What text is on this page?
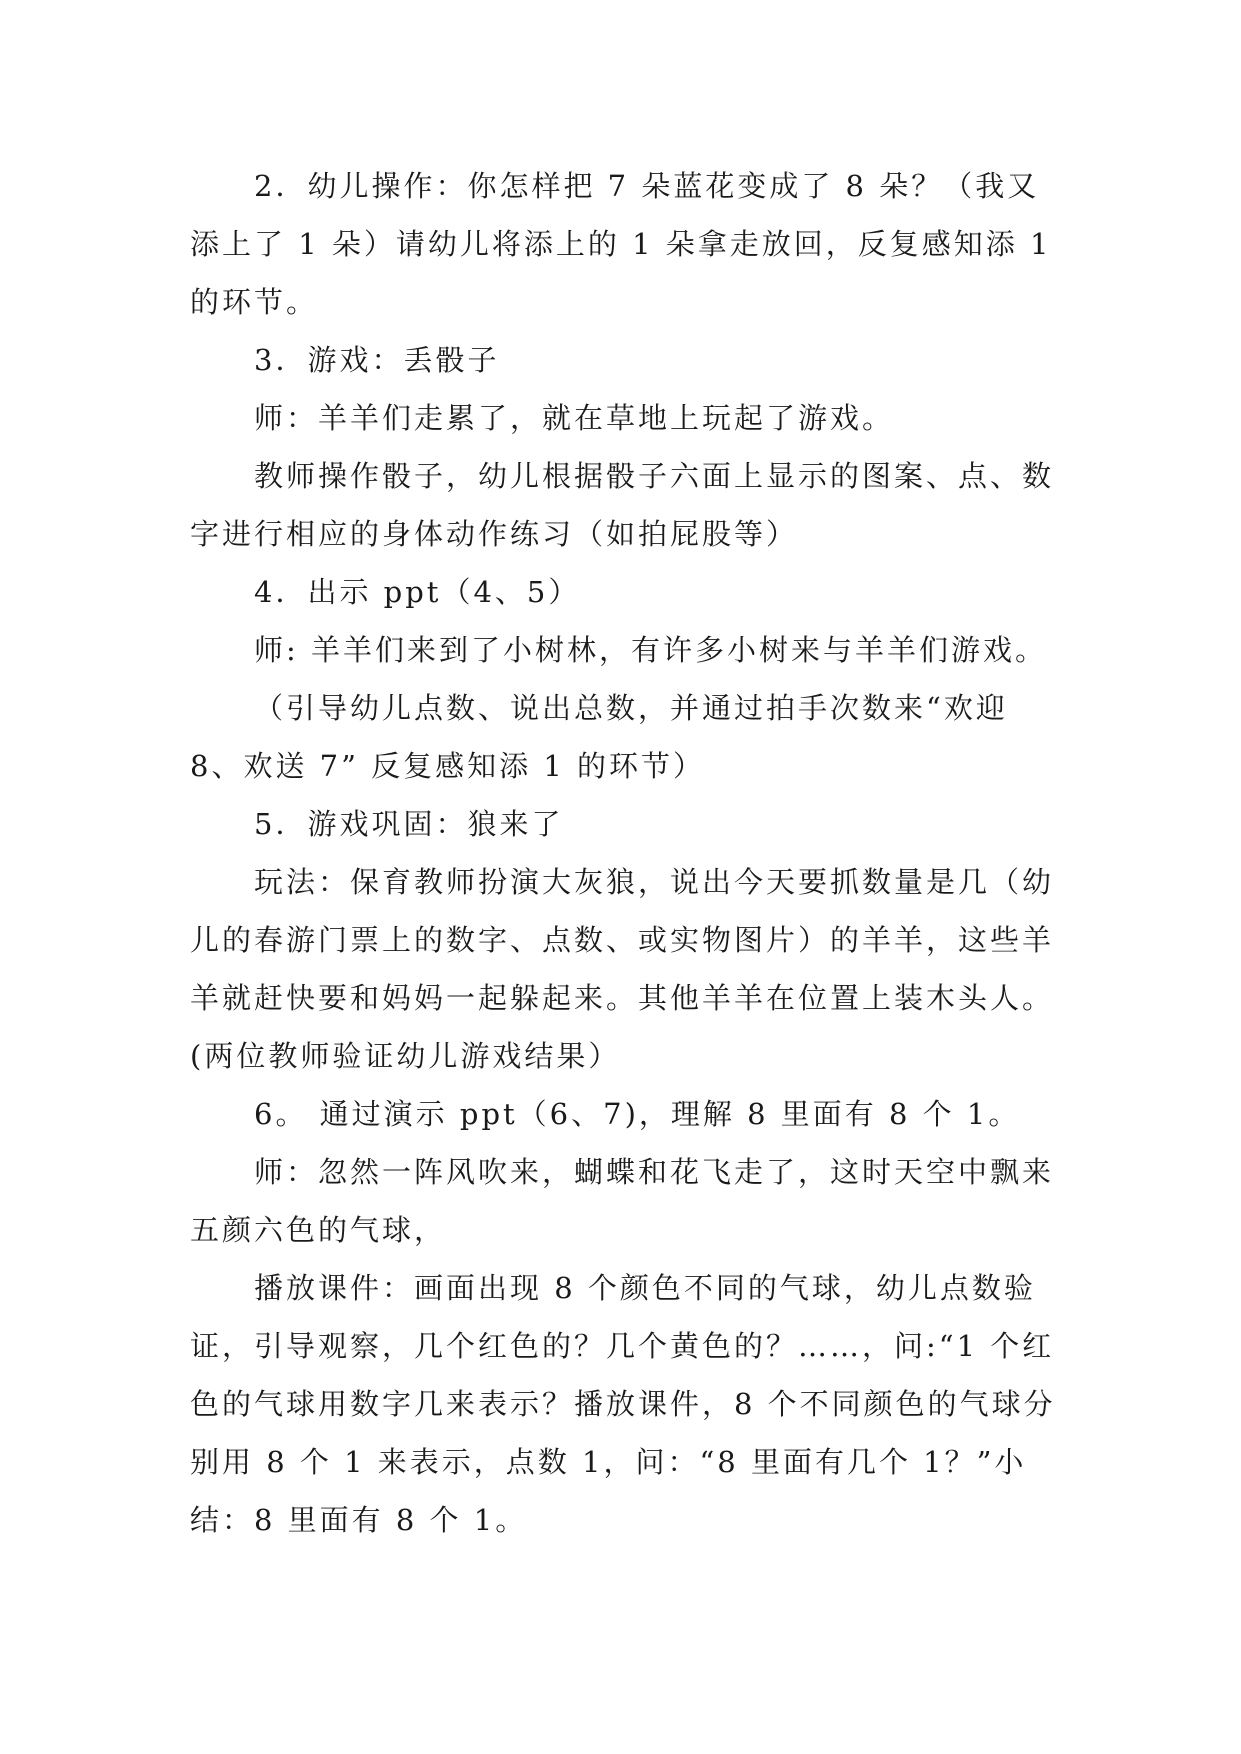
2．幼儿操作：你怎样把 7 朵蓝花变成了 8 朵？（我又添上了 1 朵）请幼儿将添上的 1 朵拿走放回，反复感知添 1 的环节。

3．游戏：丢骰子

师：羊羊们走累了，就在草地上玩起了游戏。

教师操作骰子，幼儿根据骰子六面上显示的图案、点、数字进行相应的身体动作练习（如拍屁股等）

4．出示 ppt（4、5）

师: 羊羊们来到了小树林，有许多小树来与羊羊们游戏。

（引导幼儿点数、说出总数，并通过拍手次数来“欢迎 8、欢送 7” 反复感知添 1 的环节）

5．游戏巩固：狼来了

玩法：保育教师扮演大灰狼，说出今天要抓数量是几（幼儿的春游门票上的数字、点数、或实物图片）的羊羊，这些羊羊就赶快要和妈妈一起躲起来。其他羊羊在位置上装木头人。(两位教师验证幼儿游戏结果）

6。 通过演示 ppt（6、7)，理解 8 里面有 8 个 1。

师：忽然一阵风吹来，蝴蝶和花飞走了，这时天空中飘来五颜六色的气球，

播放课件：画面出现 8 个颜色不同的气球，幼儿点数验证，引导观察，几个红色的？几个黄色的？……，问:“1 个红色的气球用数字几来表示？播放课件，8 个不同颜色的气球分别用 8 个 1 来表示，点数 1，问：“8 里面有几个 1？”小结：8 里面有 8 个 1。
